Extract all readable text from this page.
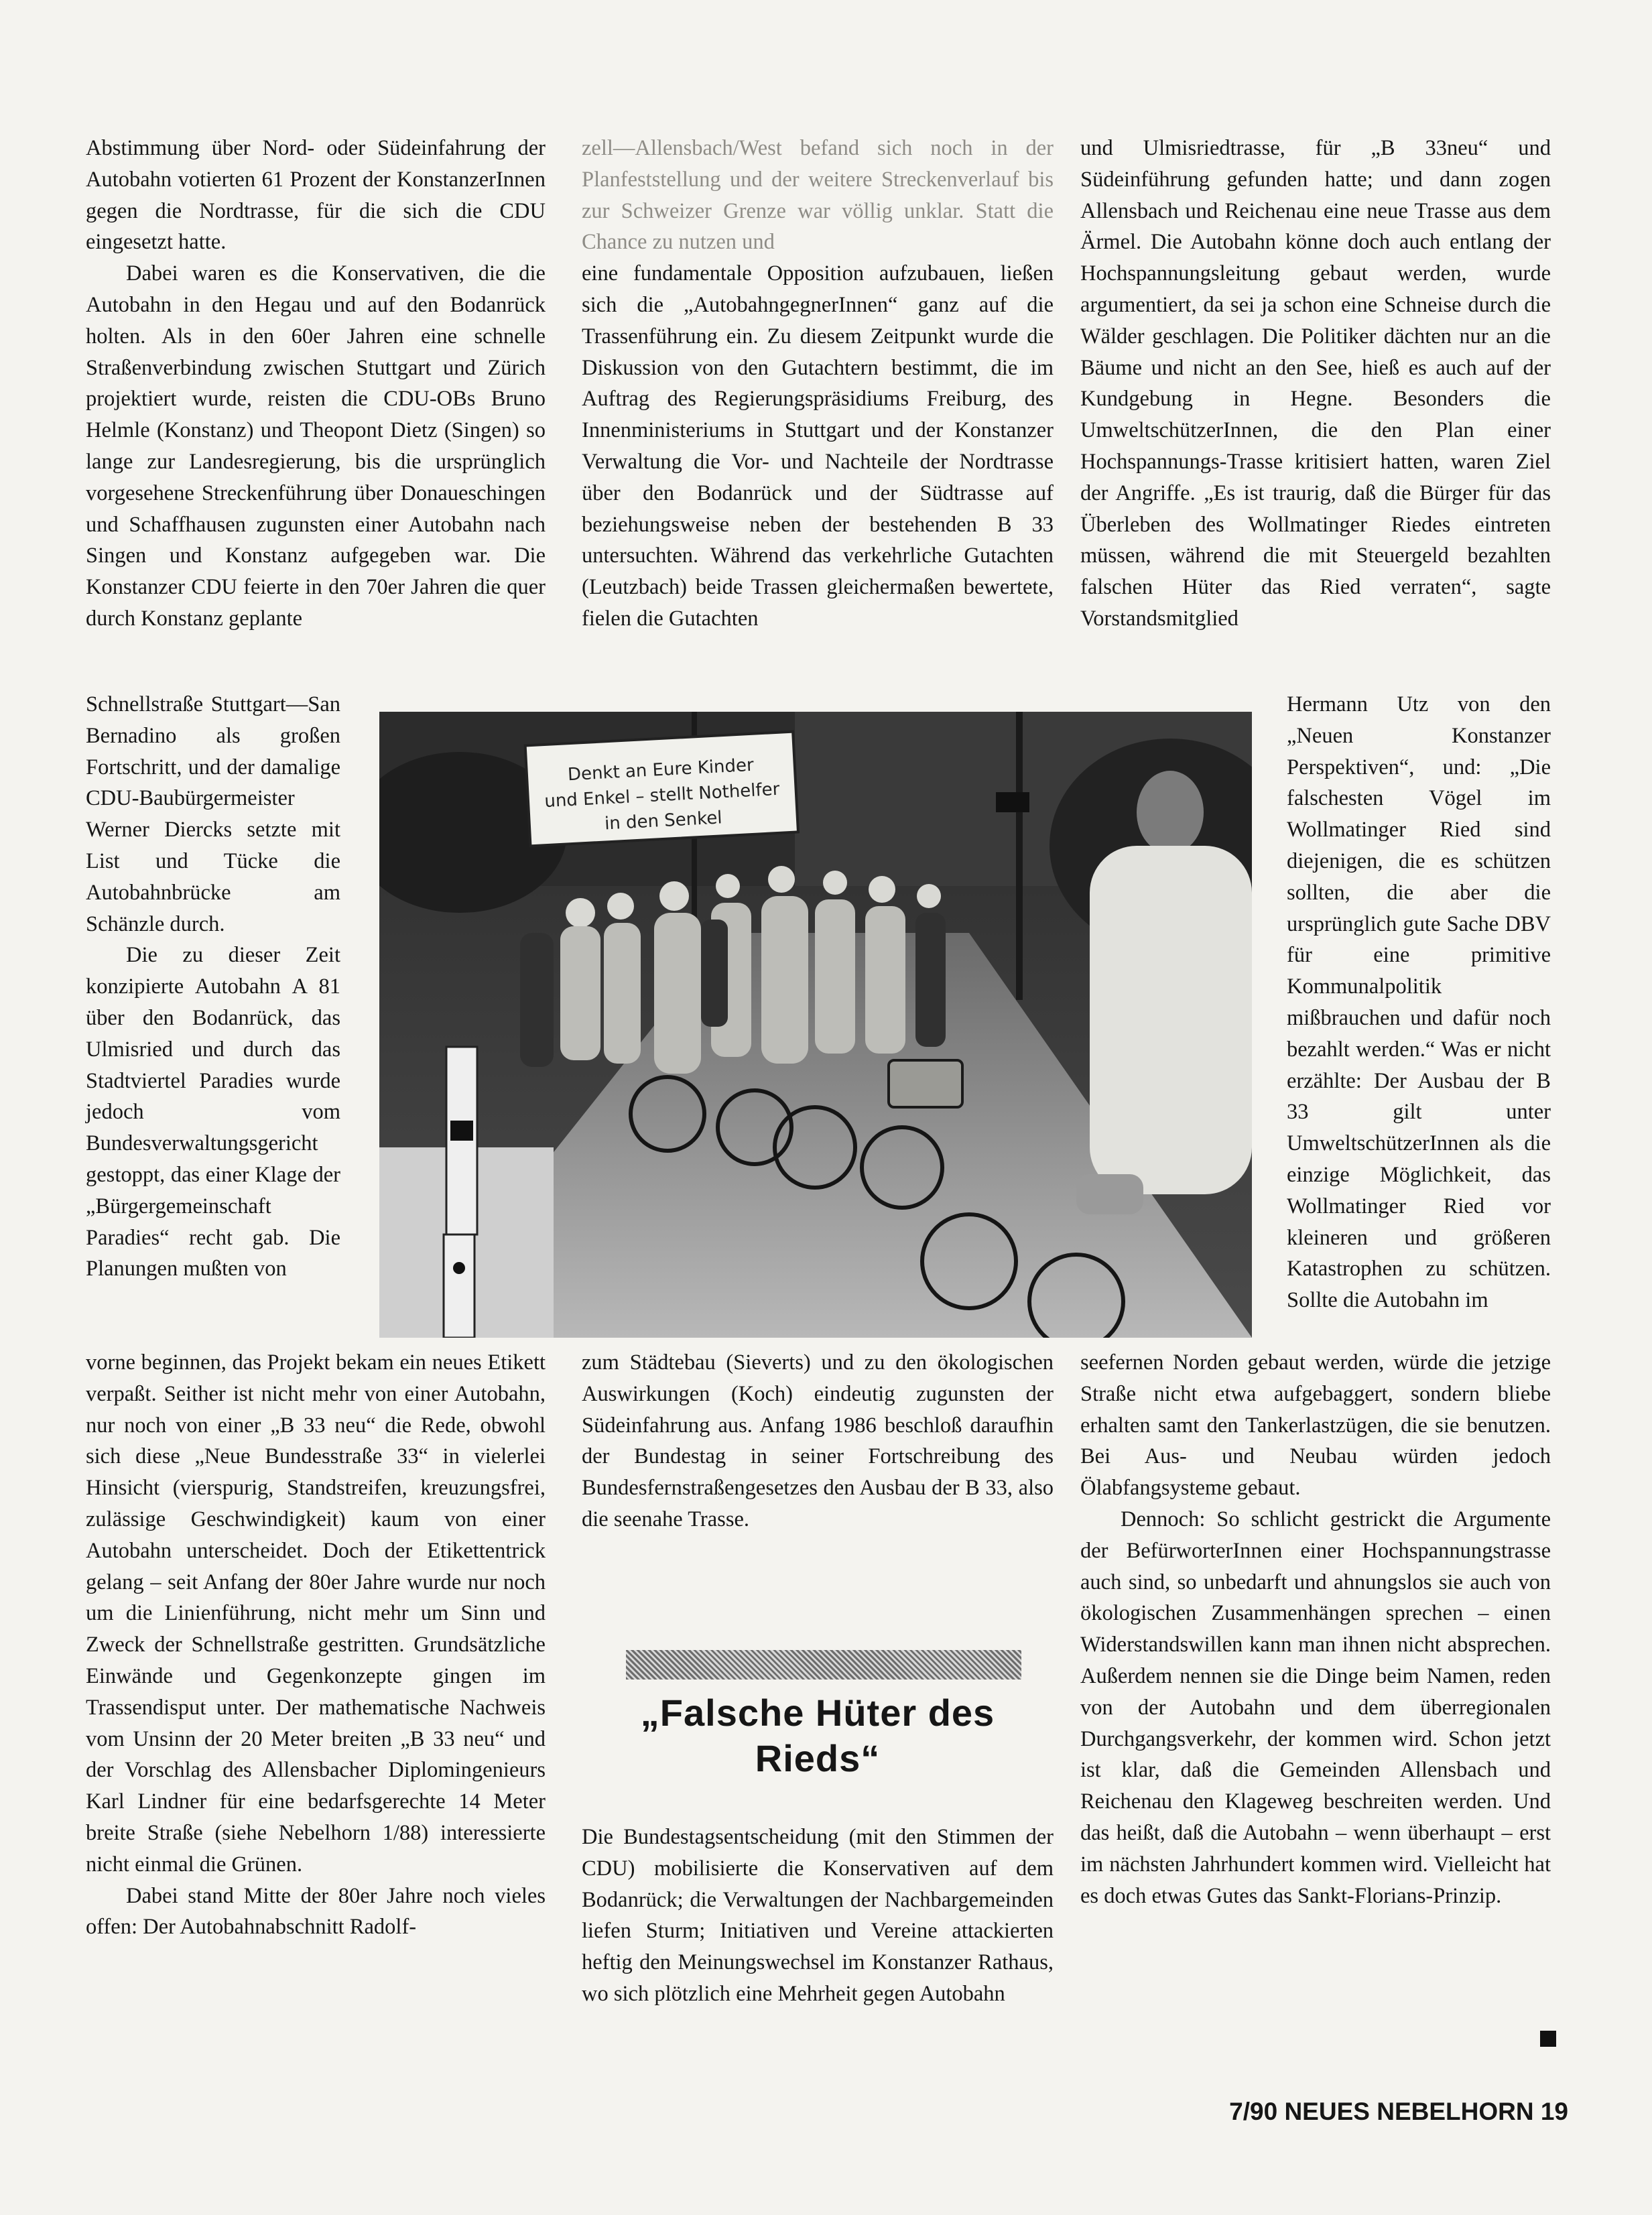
Abstimmung über Nord- oder Südeinfahrung der Autobahn votierten 61 Prozent der KonstanzerInnen gegen die Nordtrasse, für die sich die CDU eingesetzt hatte.

Dabei waren es die Konservativen, die die Autobahn in den Hegau und auf den Bodanrück holten. Als in den 60er Jahren eine schnelle Straßenverbindung zwischen Stuttgart und Zürich projektiert wurde, reisten die CDU-OBs Bruno Helmle (Konstanz) und Theopont Dietz (Singen) so lange zur Landesregierung, bis die ursprünglich vorgesehene Streckenführung über Donaueschingen und Schaffhausen zugunsten einer Autobahn nach Singen und Konstanz aufgegeben war. Die Konstanzer CDU feierte in den 70er Jahren die quer durch Konstanz geplante

Schnellstraße Stuttgart—San Bernadino als großen Fortschritt, und der damalige CDU-Baubürgermeister Werner Diercks setzte mit List und Tücke die Autobahnbrücke am Schänzle durch.

Die zu dieser Zeit konzipierte Autobahn A 81 über den Bodanrück, das Ulmisried und durch das Stadtviertel Paradies wurde jedoch vom Bundesverwaltungsgericht gestoppt, das einer Klage der „Bürgergemeinschaft Paradies“ recht gab. Die Planungen mußten von

vorne beginnen, das Projekt bekam ein neues Etikett verpaßt. Seither ist nicht mehr von einer Autobahn, nur noch von einer „B 33 neu“ die Rede, obwohl sich diese „Neue Bundesstraße 33“ in vielerlei Hinsicht (vierspurig, Standstreifen, kreuzungsfrei, zulässige Geschwindigkeit) kaum von einer Autobahn unterscheidet. Doch der Etikettentrick gelang – seit Anfang der 80er Jahre wurde nur noch um die Linienführung, nicht mehr um Sinn und Zweck der Schnellstraße gestritten. Grundsätzliche Einwände und Gegenkonzepte gingen im Trassendisput unter. Der mathematische Nachweis vom Unsinn der 20 Meter breiten „B 33 neu“ und der Vorschlag des Allensbacher Diplomingenieurs Karl Lindner für eine bedarfsgerechte 14 Meter breite Straße (siehe Nebelhorn 1/88) interessierte nicht einmal die Grünen.

Dabei stand Mitte der 80er Jahre noch vieles offen: Der Autobahnabschnitt Radolf-

zell—Allensbach/West befand sich noch in der Planfeststellung und der weitere Streckenverlauf bis zur Schweizer Grenze war völlig unklar. Statt die Chance zu nutzen und

eine fundamentale Opposition aufzubauen, ließen sich die „AutobahngegnerInnen“ ganz auf die Trassenführung ein. Zu diesem Zeitpunkt wurde die Diskussion von den Gutachtern bestimmt, die im Auftrag des Regierungspräsidiums Freiburg, des Innenministeriums in Stuttgart und der Konstanzer Verwaltung die Vor- und Nachteile der Nordtrasse über den Bodanrück und der Südtrasse auf beziehungsweise neben der bestehenden B 33 untersuchten. Während das verkehrliche Gutachten (Leutzbach) beide Trassen gleichermaßen bewertete, fielen die Gutachten

zum Städtebau (Sieverts) und zu den ökologischen Auswirkungen (Koch) eindeutig zugunsten der Südeinfahrung aus. Anfang 1986 beschloß daraufhin der Bundestag in seiner Fortschreibung des Bundesfernstraßengesetzes den Ausbau der B 33, also die seenahe Trasse.

„Falsche Hüter des Rieds“

Die Bundestagsentscheidung (mit den Stimmen der CDU) mobilisierte die Konservativen auf dem Bodanrück; die Verwaltungen der Nachbargemeinden liefen Sturm; Initiativen und Vereine attackierten heftig den Meinungswechsel im Konstanzer Rathaus, wo sich plötzlich eine Mehrheit gegen Autobahn

und Ulmisriedtrasse, für „B 33neu“ und Südeinführung gefunden hatte; und dann zogen Allensbach und Reichenau eine neue Trasse aus dem Ärmel. Die Autobahn könne doch auch entlang der Hochspannungsleitung gebaut werden, wurde argumentiert, da sei ja schon eine Schneise durch die Wälder geschlagen. Die Politiker dächten nur an die Bäume und nicht an den See, hieß es auch auf der Kundgebung in Hegne. Besonders die UmweltschützerInnen, die den Plan einer Hochspannungs-Trasse kritisiert hatten, waren Ziel der Angriffe. „Es ist traurig, daß die Bürger für das Überleben des Wollmatinger Riedes eintreten müssen, während die mit Steuergeld bezahlten falschen Hüter das Ried verraten“, sagte Vorstandsmitglied

Hermann Utz von den „Neuen Konstanzer Perspektiven“, und: „Die falschesten Vögel im Wollmatinger Ried sind diejenigen, die es schützen sollten, die aber die ursprünglich gute Sache DBV für eine primitive Kommunalpolitik mißbrauchen und dafür noch bezahlt werden.“ Was er nicht erzählte: Der Ausbau der B 33 gilt unter UmweltschützerInnen als die einzige Möglichkeit, das Wollmatinger Ried vor kleineren und größeren Katastrophen zu schützen. Sollte die Autobahn im

seefernen Norden gebaut werden, würde die jetzige Straße nicht etwa aufgebaggert, sondern bliebe erhalten samt den Tankerlastzügen, die sie benutzen. Bei Aus- und Neubau würden jedoch Ölabfangsysteme gebaut.

Dennoch: So schlicht gestrickt die Argumente der BefürworterInnen einer Hochspannungstrasse auch sind, so unbedarft und ahnungslos sie auch von ökologischen Zusammenhängen sprechen – einen Widerstandswillen kann man ihnen nicht absprechen. Außerdem nennen sie die Dinge beim Namen, reden von der Autobahn und dem überregionalen Durchgangsverkehr, der kommen wird. Schon jetzt ist klar, daß die Gemeinden Allensbach und Reichenau den Klageweg beschreiten werden. Und das heißt, daß die Autobahn – wenn überhaupt – erst im nächsten Jahrhundert kommen wird. Vielleicht hat es doch etwas Gutes das Sankt-Florians-Prinzip.

Denkt an Eure Kinder
und Enkel – stellt Nothelfer
in den Senkel
7/90 NEUES NEBELHORN 19
